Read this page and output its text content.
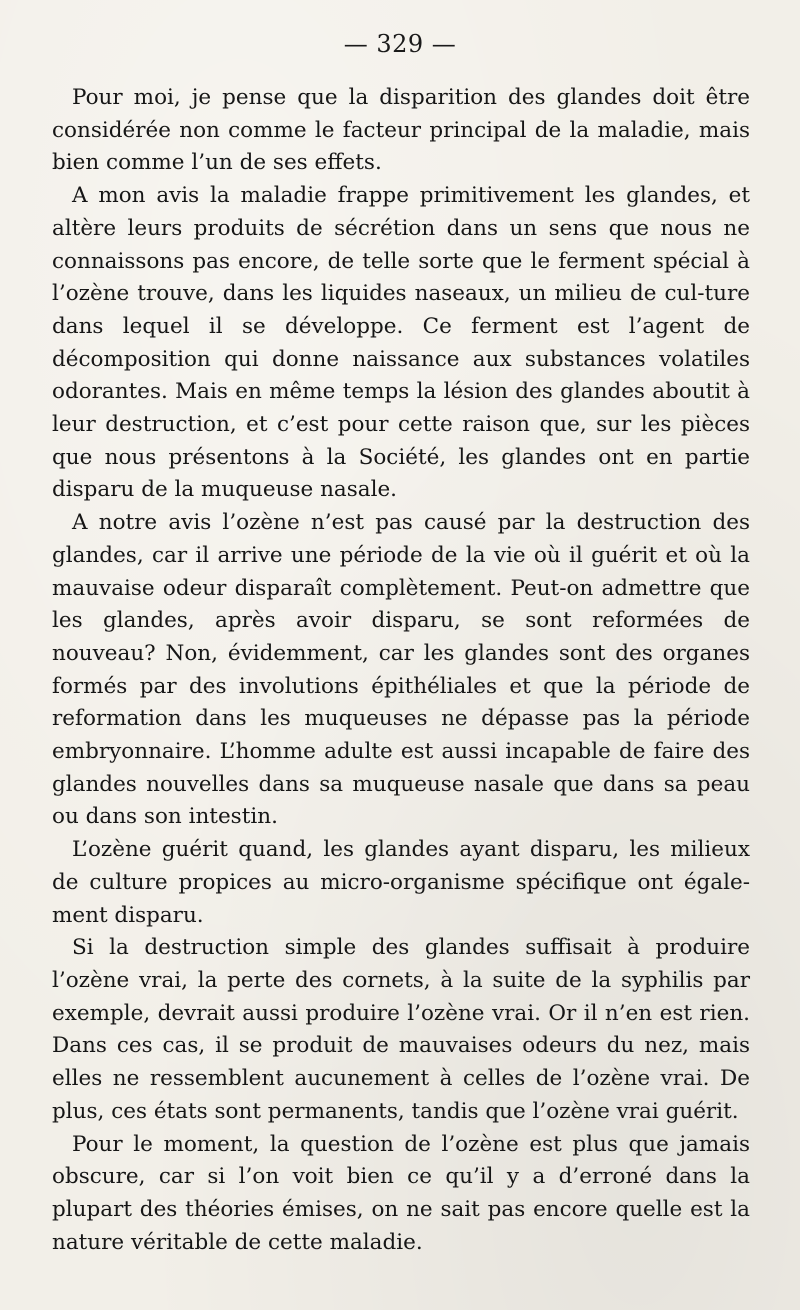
— 329 —

Pour moi, je pense que la disparition des glandes doit être considérée non comme le facteur principal de la maladie, mais bien comme l’un de ses effets.

A mon avis la maladie frappe primitivement les glandes, et altère leurs produits de sécrétion dans un sens que nous ne connaissons pas encore, de telle sorte que le ferment spécial à l’ozène trouve, dans les liquides naseaux, un milieu de cul-ture dans lequel il se développe. Ce ferment est l’agent de décomposition qui donne naissance aux substances volatiles odorantes. Mais en même temps la lésion des glandes aboutit à leur destruction, et c’est pour cette raison que, sur les pièces que nous présentons à la Société, les glandes ont en partie disparu de la muqueuse nasale.

A notre avis l’ozène n’est pas causé par la destruction des glandes, car il arrive une période de la vie où il guérit et où la mauvaise odeur disparaît complètement. Peut-on admettre que les glandes, après avoir disparu, se sont reformées de nouveau? Non, évidemment, car les glandes sont des organes formés par des involutions épithéliales et que la période de reformation dans les muqueuses ne dépasse pas la période embryonnaire. L’homme adulte est aussi incapable de faire des glandes nouvelles dans sa muqueuse nasale que dans sa peau ou dans son intestin.

L’ozène guérit quand, les glandes ayant disparu, les milieux de culture propices au micro-organisme spécifique ont égale-ment disparu.

Si la destruction simple des glandes suffisait à produire l’ozène vrai, la perte des cornets, à la suite de la syphilis par exemple, devrait aussi produire l’ozène vrai. Or il n’en est rien. Dans ces cas, il se produit de mauvaises odeurs du nez, mais elles ne ressemblent aucunement à celles de l’ozène vrai. De plus, ces états sont permanents, tandis que l’ozène vrai guérit.

Pour le moment, la question de l’ozène est plus que jamais obscure, car si l’on voit bien ce qu’il y a d’erroné dans la plupart des théories émises, on ne sait pas encore quelle est la nature véritable de cette maladie.
